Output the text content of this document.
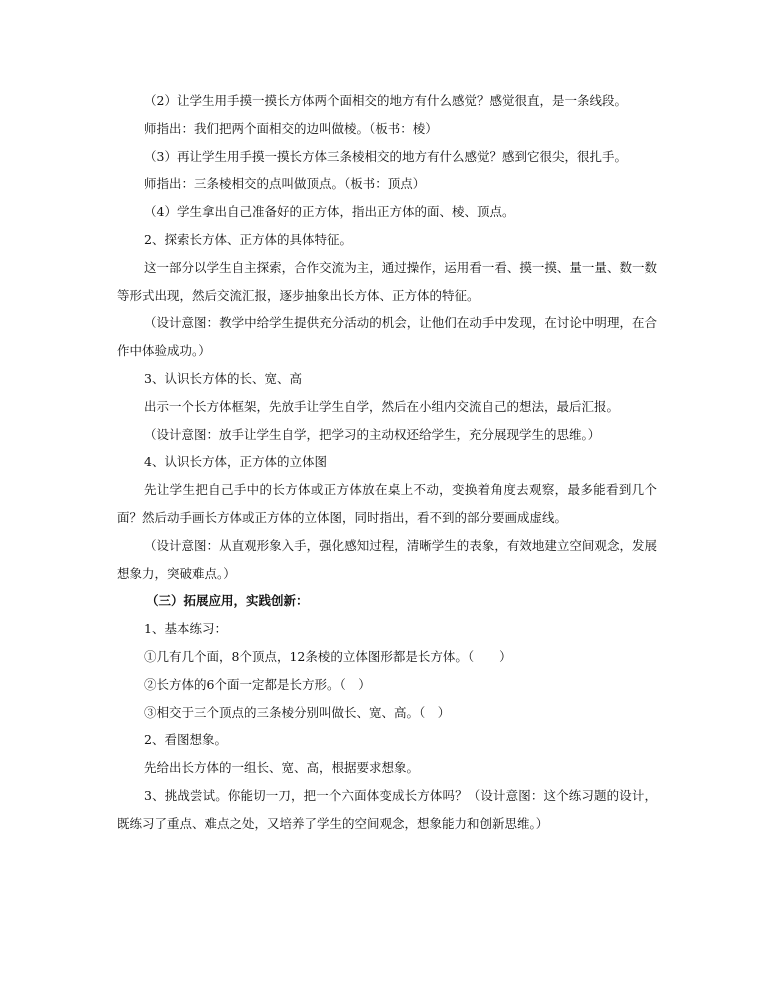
（2）让学生用手摸一摸长方体两个面相交的地方有什么感觉？感觉很直，是一条线段。

师指出：我们把两个面相交的边叫做棱。（板书：棱）

（3）再让学生用手摸一摸长方体三条棱相交的地方有什么感觉？感到它很尖，很扎手。

师指出：三条棱相交的点叫做顶点。（板书：顶点）

（4）学生拿出自己准备好的正方体，指出正方体的面、棱、顶点。

2、探索长方体、正方体的具体特征。

这一部分以学生自主探索，合作交流为主，通过操作，运用看一看、摸一摸、量一量、数一数等形式出现，然后交流汇报，逐步抽象出长方体、正方体的特征。

（设计意图：教学中给学生提供充分活动的机会，让他们在动手中发现，在讨论中明理，在合作中体验成功。）

3、认识长方体的长、宽、高

出示一个长方体框架，先放手让学生自学，然后在小组内交流自己的想法，最后汇报。

（设计意图：放手让学生自学，把学习的主动权还给学生，充分展现学生的思维。）

4、认识长方体，正方体的立体图

先让学生把自己手中的长方体或正方体放在桌上不动，变换着角度去观察，最多能看到几个面？然后动手画长方体或正方体的立体图，同时指出，看不到的部分要画成虚线。

（设计意图：从直观形象入手，强化感知过程，清晰学生的表象，有效地建立空间观念，发展想象力，突破难点。）

（三）拓展应用，实践创新：

1、基本练习：

①几有几个面，8个顶点，12条棱的立体图形都是长方体。（　　）

②长方体的6个面一定都是长方形。（　）

③相交于三个顶点的三条棱分别叫做长、宽、高。（　）

2、看图想象。

先给出长方体的一组长、宽、高，根据要求想象。

3、挑战尝试。你能切一刀，把一个六面体变成长方体吗？（设计意图：这个练习题的设计，既练习了重点、难点之处，又培养了学生的空间观念，想象能力和创新思维。）
